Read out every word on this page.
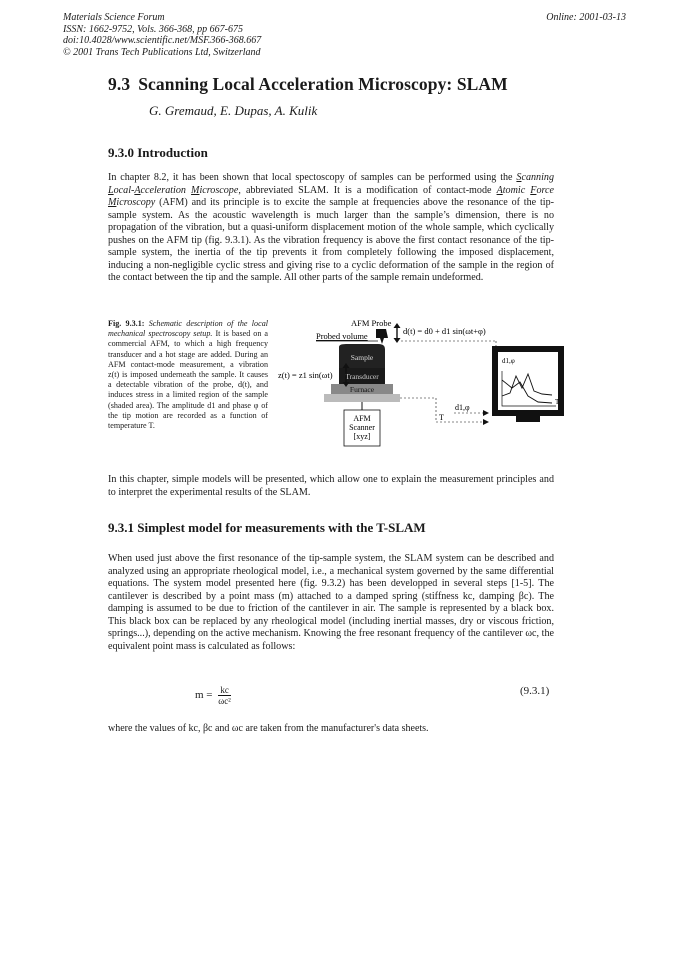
Materials Science Forum
ISSN: 1662-9752, Vols. 366-368, pp 667-675
doi:10.4028/www.scientific.net/MSF.366-368.667
© 2001 Trans Tech Publications Ltd, Switzerland
Online: 2001-03-13
9.3 Scanning Local Acceleration Microscopy: SLAM
G. Gremaud, E. Dupas, A. Kulik
9.3.0 Introduction

In chapter 8.2, it has been shown that local spectoscopy of samples can be performed using the Scanning Local-Acceleration Microscope, abbreviated SLAM. It is a modification of contact-mode Atomic Force Microscopy (AFM) and its principle is to excite the sample at frequencies above the resonance of the tip-sample system. As the acoustic wavelength is much larger than the sample’s dimension, there is no propagation of the vibration, but a quasi-uniform displacement motion of the whole sample, which cyclically pushes on the AFM tip (fig. 9.3.1). As the vibration frequency is above the first contact resonance of the tip-sample system, the inertia of the tip prevents it from completely following the imposed displacement, inducing a non-negligible cyclic stress and giving rise to a cyclic deformation of the sample in the region of the contact between the tip and the sample. All other parts of the sample remain undeformed.

Fig. 9.3.1: Schematic description of the local mechanical spectroscopy setup. It is based on a commercial AFM, to which a high frequency transducer and a hot stage are added. During an AFM contact-mode measurement, a vibration z(t) is imposed underneath the sample. It causes a detectable vibration of the probe, d(t), and induces stress in a limited region of the sample (shaded area). The amplitude d1 and phase φ of the tip motion are recorded as a function of temperature T.
AFM Probe
Probed volume	d(t) = d0 + d1 sin(ωt+φ)
Sample
Transducer
Furnace
z(t) = z1 sin(ωt)
AFM
Scanner
[xyz]
T
d1,φ
d1,φ
T
In this chapter, simple models will be presented, which allow one to explain the measurement principles and to interpret the experimental results of the SLAM.
9.3.1 Simplest model for measurements with the T-SLAM
When used just above the first resonance of the tip-sample system, the SLAM system can be described and analyzed using an appropriate rheological model, i.e., a mechanical system governed by the same differential equations. The system model presented here (fig. 9.3.2) has been developped in several steps [1-5]. The cantilever is described by a point mass (m) attached to a damped spring (stiffness kc, damping βc). The damping is assumed to be due to friction of the cantilever in air. The sample is represented by a black box. This black box can be replaced by any rheological model (including inertial masses, dry or viscous friction, springs...), depending on the active mechanism. Knowing the free resonant frequency of the cantilever ωc, the equivalent point mass is calculated as follows:
$m = \frac{kc}{\text{ωc²}}$	(9.3.1)
where the values of kc, βc and ωc are taken from the manufacturer's data sheets.
